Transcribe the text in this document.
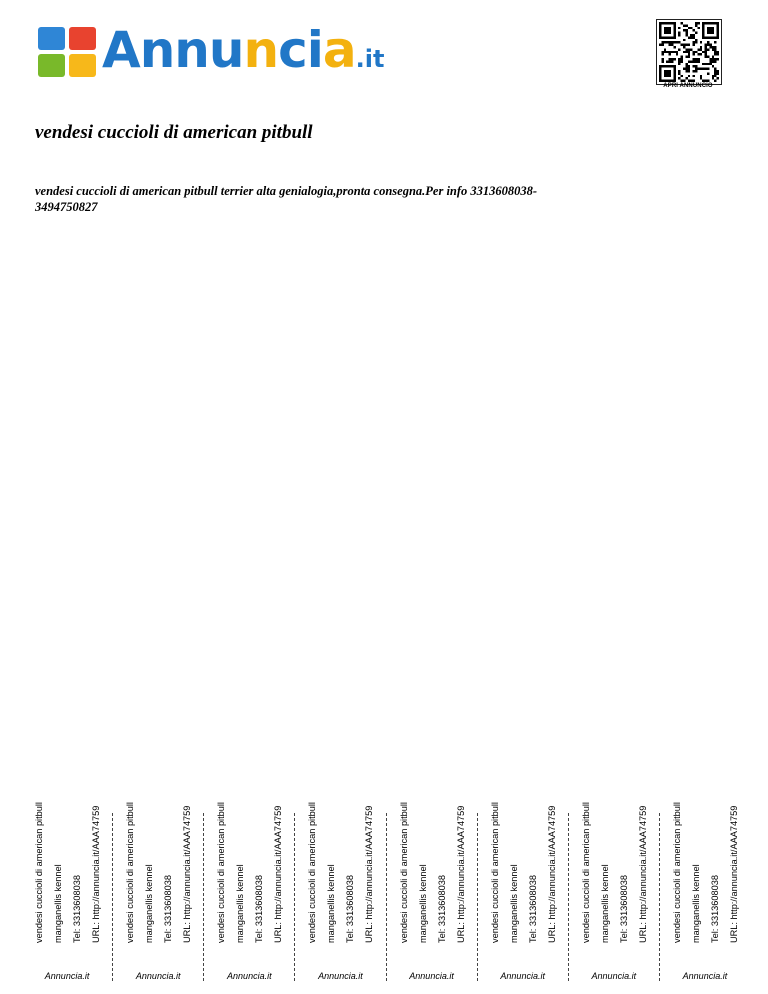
Annuncia.it
APRI ANNUNCIO
vendesi cuccioli di american pitbull

vendesi cuccioli di american pitbull terrier alta genialogia,pronta consegna.Per info 3313608038-3494750827

vendesi cuccioli di american pitbull manganellis kennel Tel: 3313608038 URL: http://annuncia.it/AAA74759
Annuncia.it
vendesi cuccioli di american pitbull manganellis kennel Tel: 3313608038 URL: http://annuncia.it/AAA74759
Annuncia.it
vendesi cuccioli di american pitbull manganellis kennel Tel: 3313608038 URL: http://annuncia.it/AAA74759
Annuncia.it
vendesi cuccioli di american pitbull manganellis kennel Tel: 3313608038 URL: http://annuncia.it/AAA74759
Annuncia.it
vendesi cuccioli di american pitbull manganellis kennel Tel: 3313608038 URL: http://annuncia.it/AAA74759
Annuncia.it
vendesi cuccioli di american pitbull manganellis kennel Tel: 3313608038 URL: http://annuncia.it/AAA74759
Annuncia.it
vendesi cuccioli di american pitbull manganellis kennel Tel: 3313608038 URL: http://annuncia.it/AAA74759
Annuncia.it
vendesi cuccioli di american pitbull manganellis kennel Tel: 3313608038 URL: http://annuncia.it/AAA74759
Annuncia.it
